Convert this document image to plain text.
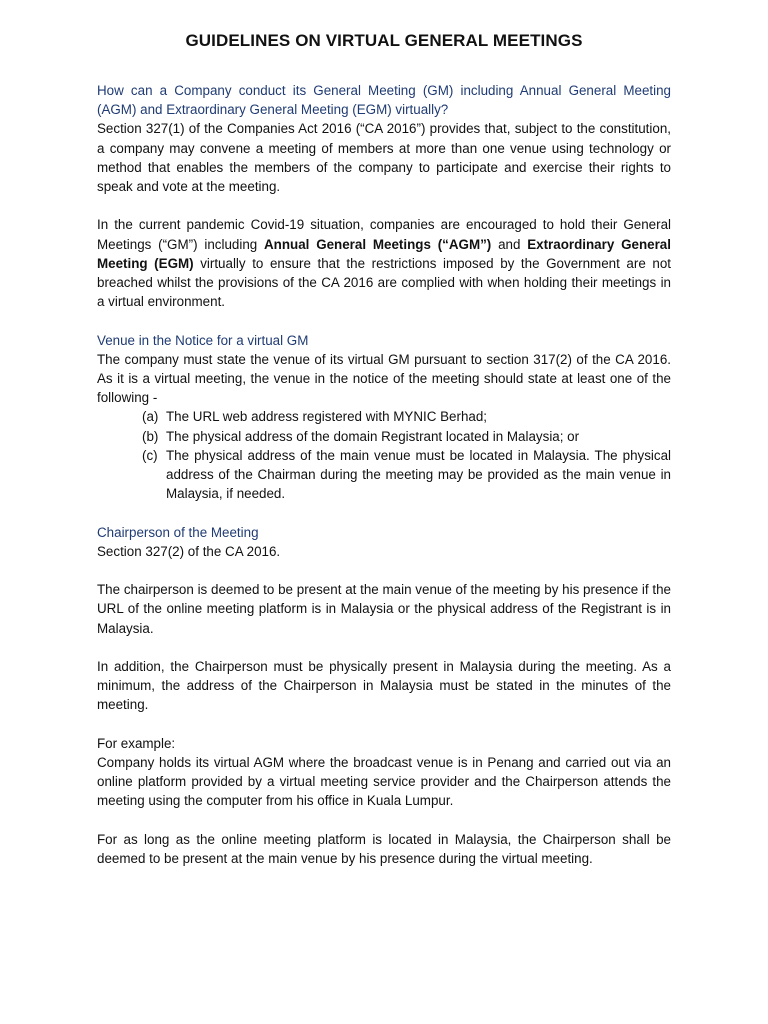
GUIDELINES ON VIRTUAL GENERAL MEETINGS

How can a Company conduct its General Meeting (GM) including Annual General Meeting (AGM) and Extraordinary General Meeting (EGM) virtually?

Section 327(1) of the Companies Act 2016 (“CA 2016”) provides that, subject to the constitution, a company may convene a meeting of members at more than one venue using technology or method that enables the members of the company to participate and exercise their rights to speak and vote at the meeting.

In the current pandemic Covid-19 situation, companies are encouraged to hold their General Meetings (“GM”) including Annual General Meetings (“AGM”) and Extraordinary General Meeting (EGM) virtually to ensure that the restrictions imposed by the Government are not breached whilst the provisions of the CA 2016 are complied with when holding their meetings in a virtual environment.

Venue in the Notice for a virtual GM

The company must state the venue of its virtual GM pursuant to section 317(2) of the CA 2016. As it is a virtual meeting, the venue in the notice of the meeting should state at least one of the following -

(a) The URL web address registered with MYNIC Berhad;
(b) The physical address of the domain Registrant located in Malaysia; or
(c) The physical address of the main venue must be located in Malaysia. The physical address of the Chairman during the meeting may be provided as the main venue in Malaysia, if needed.

Chairperson of the Meeting

Section 327(2) of the CA 2016.

The chairperson is deemed to be present at the main venue of the meeting by his presence if the URL of the online meeting platform is in Malaysia or the physical address of the Registrant is in Malaysia.

In addition, the Chairperson must be physically present in Malaysia during the meeting. As a minimum, the address of the Chairperson in Malaysia must be stated in the minutes of the meeting.

For example:

Company holds its virtual AGM where the broadcast venue is in Penang and carried out via an online platform provided by a virtual meeting service provider and the Chairperson attends the meeting using the computer from his office in Kuala Lumpur.

For as long as the online meeting platform is located in Malaysia, the Chairperson shall be deemed to be present at the main venue by his presence during the virtual meeting.
